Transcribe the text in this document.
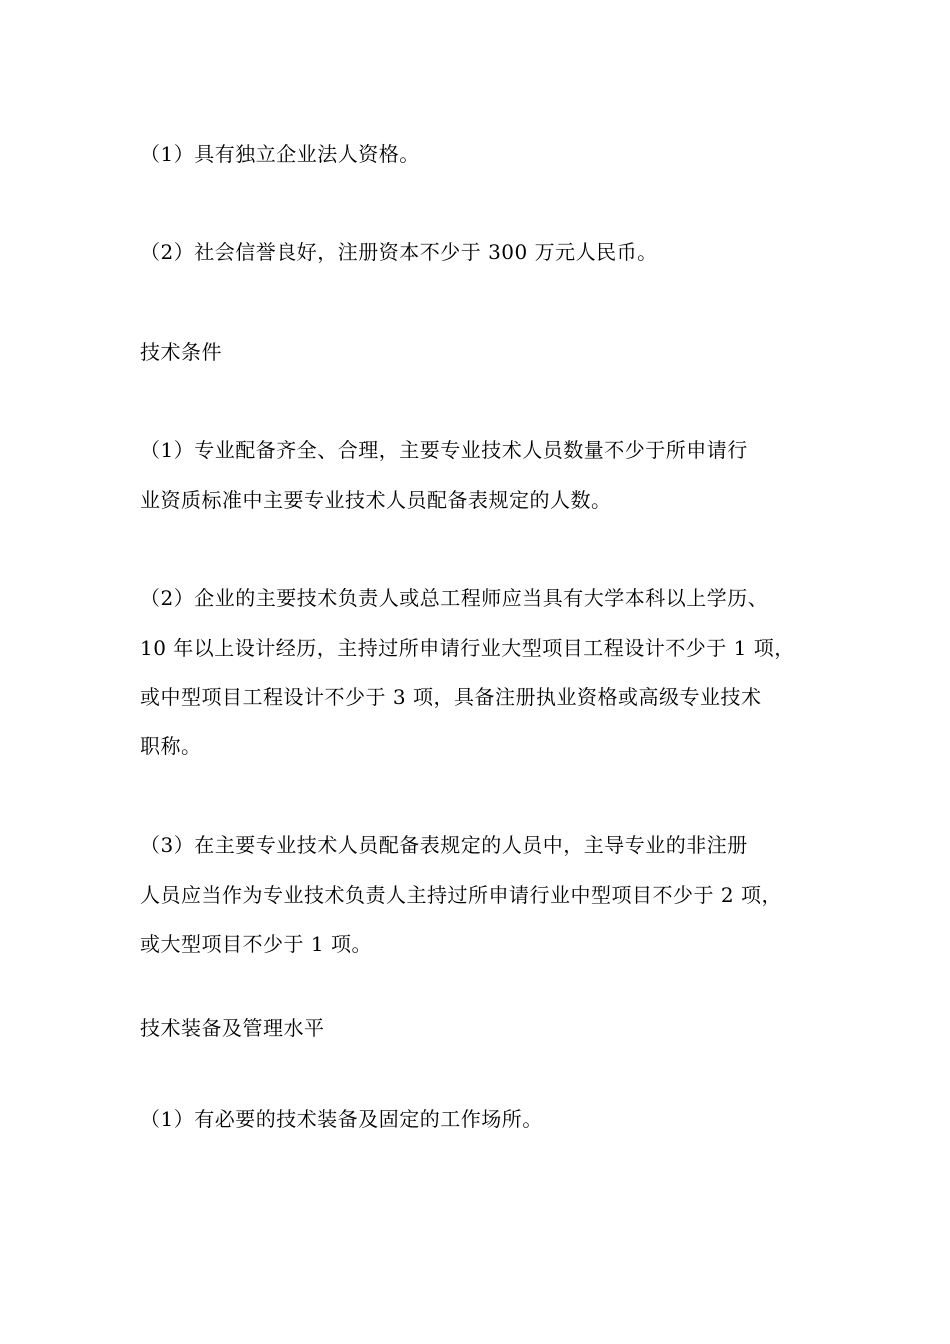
（1）具有独立企业法人资格。
（2）社会信誉良好，注册资本不少于 300 万元人民币。
技术条件
（1）专业配备齐全、合理，主要专业技术人员数量不少于所申请行
业资质标准中主要专业技术人员配备表规定的人数。
（2）企业的主要技术负责人或总工程师应当具有大学本科以上学历、
10 年以上设计经历，主持过所申请行业大型项目工程设计不少于 1 项，
或中型项目工程设计不少于 3 项，具备注册执业资格或高级专业技术
职称。
（3）在主要专业技术人员配备表规定的人员中，主导专业的非注册
人员应当作为专业技术负责人主持过所申请行业中型项目不少于 2 项，
或大型项目不少于 1 项。
技术装备及管理水平
（1）有必要的技术装备及固定的工作场所。
